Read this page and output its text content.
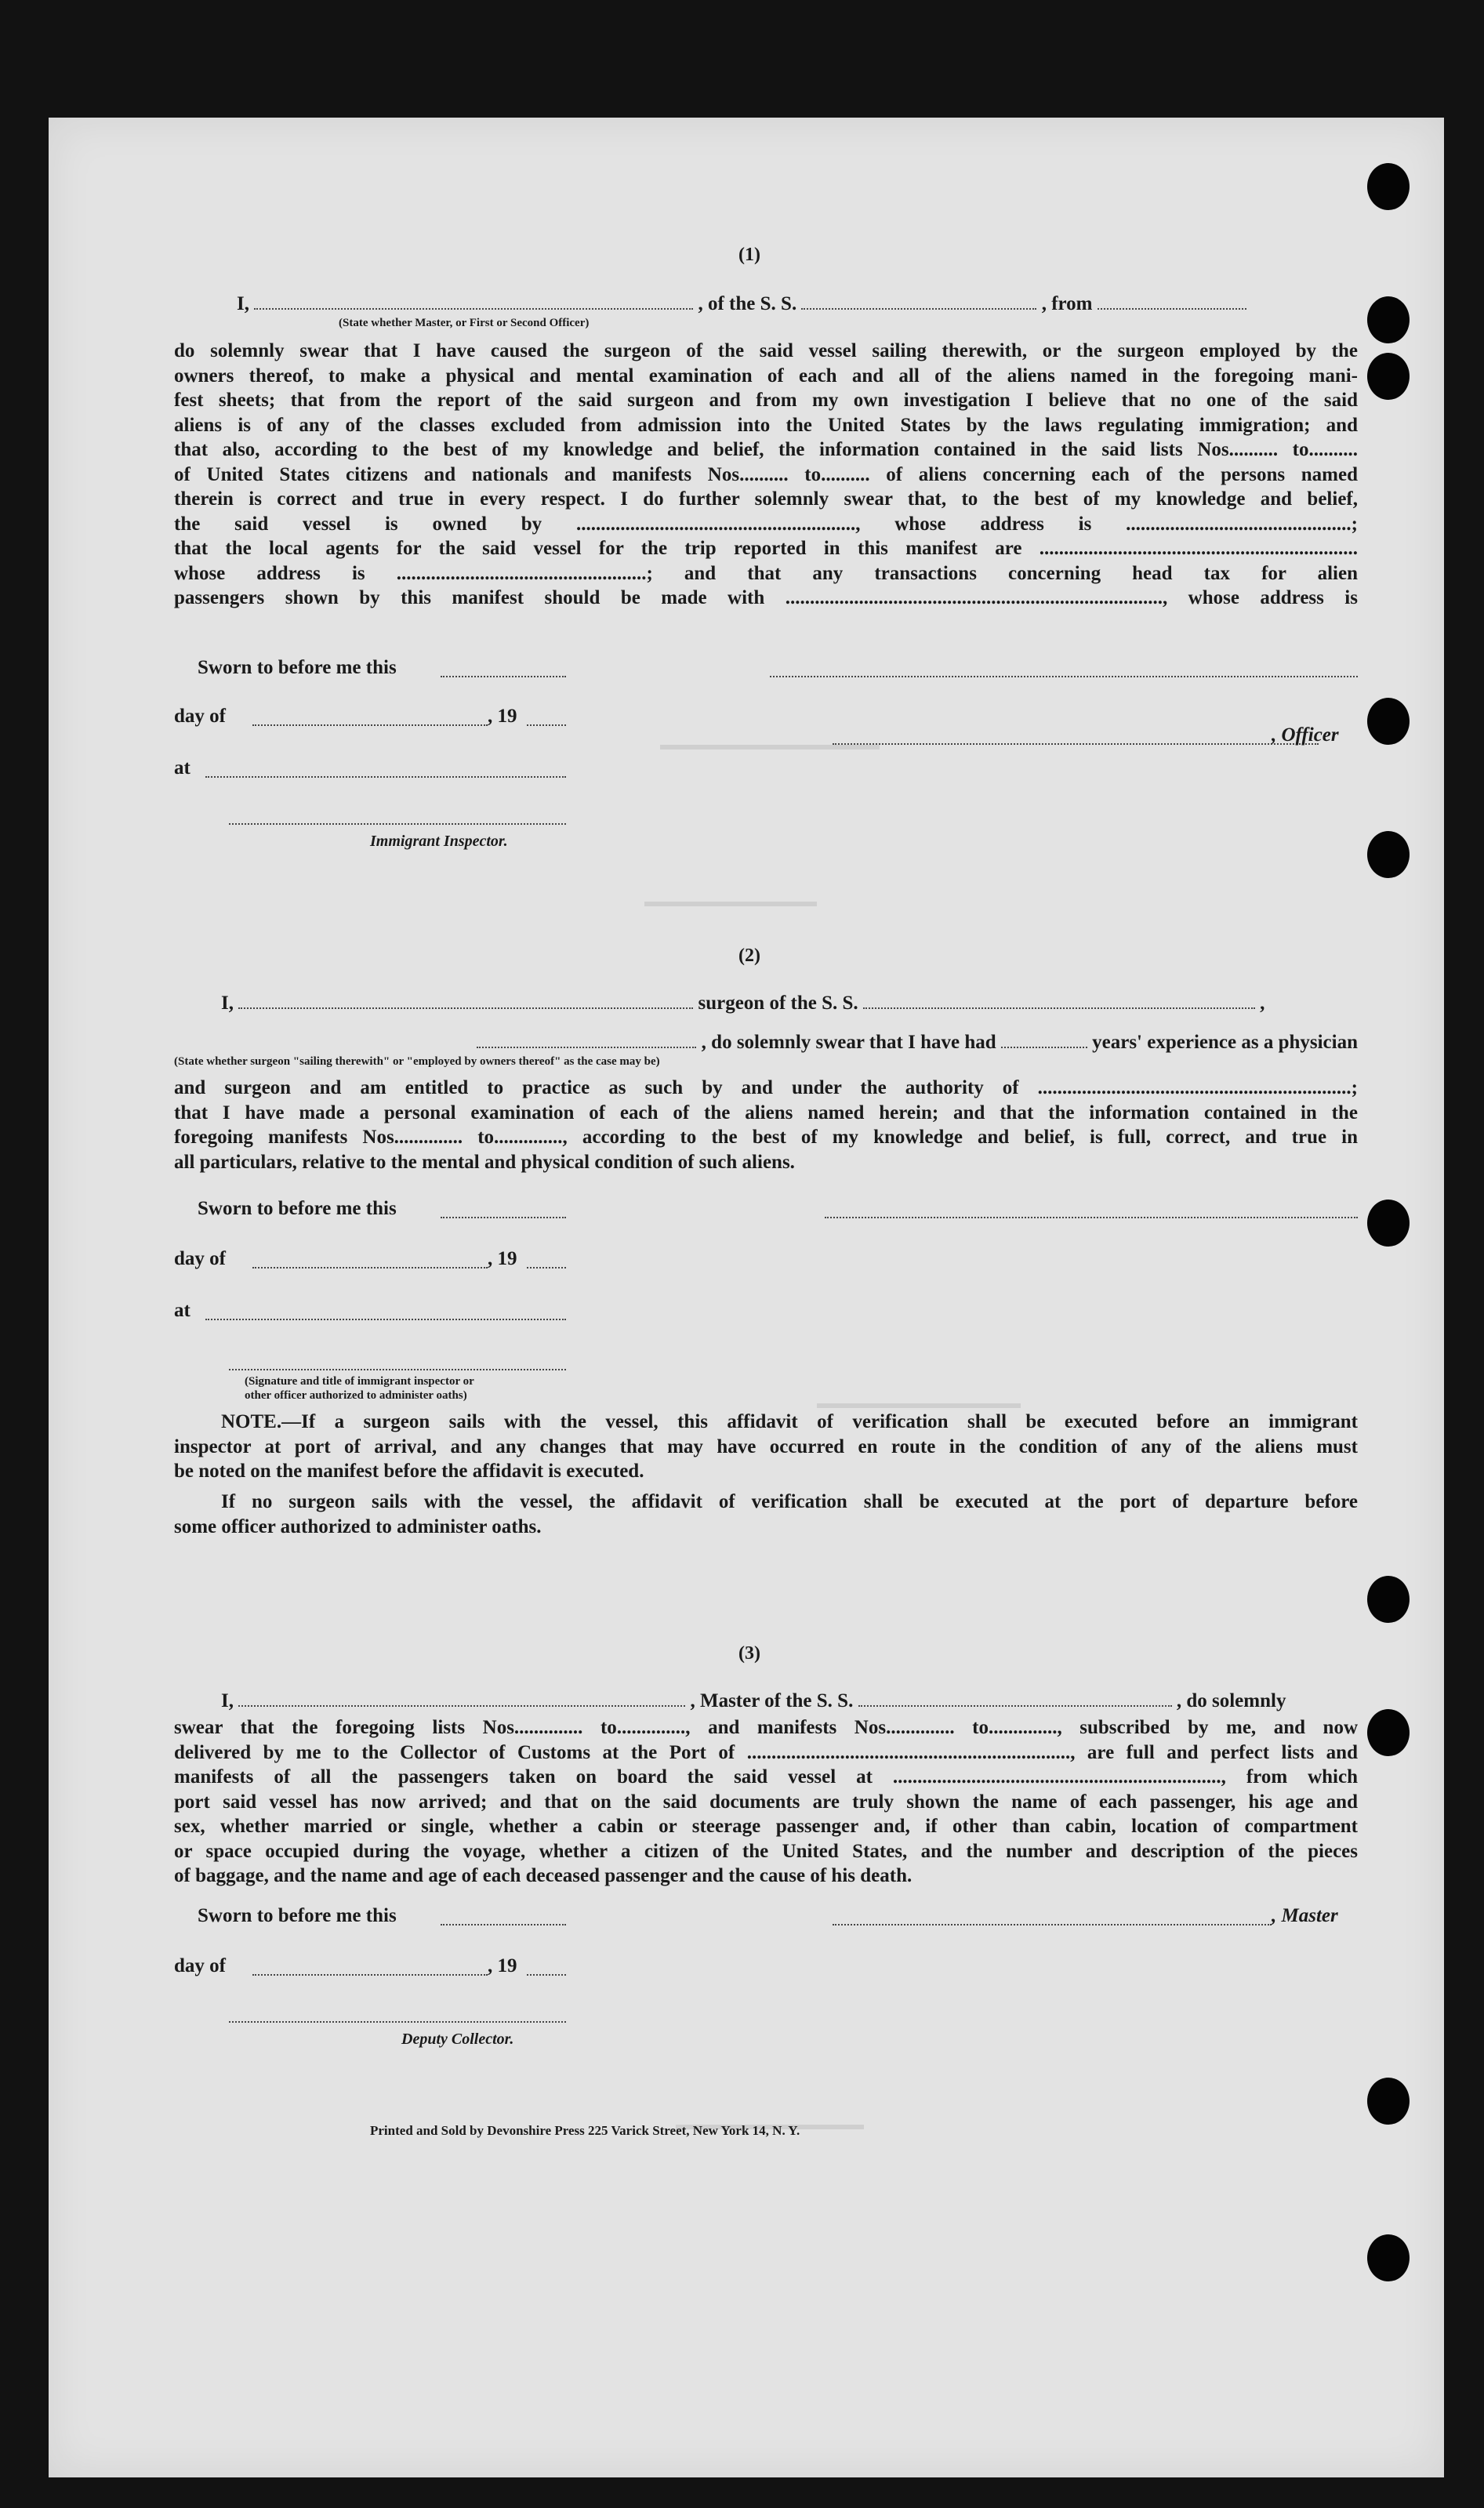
(1)
I,	, of the S. S.	, from
(State whether Master, or First or Second Officer)
do solemnly swear that I have caused the surgeon of the said vessel sailing therewith, or the surgeon employed by the
owners thereof, to make a physical and mental examination of each and all of the aliens named in the foregoing mani-
fest sheets; that from the report of the said surgeon and from my own investigation I believe that no one of the said
aliens is of any of the classes excluded from admission into the United States by the laws regulating immigration; and
that also, according to the best of my knowledge and belief, the information contained in the said lists Nos.......... to..........
of United States citizens and nationals and manifests Nos.......... to.......... of aliens concerning each of the persons named
therein is correct and true in every respect. I do further solemnly swear that, to the best of my knowledge and belief,
the said vessel is owned by ........................................................., whose address is ..............................................;
that the local agents for the said vessel for the trip reported in this manifest are .................................................................
whose address is ...................................................; and that any transactions concerning head tax for alien
passengers shown by this manifest should be made with ............................................................................., whose address is
Sworn to before me this
day of	, 19
, Officer
at
Immigrant Inspector.
(2)
I,	surgeon of the S. S.	,
, do solemnly swear that I have had	years' experience as a physician
(State whether surgeon "sailing therewith" or "employed by owners thereof" as the case may be)
and surgeon and am entitled to practice as such by and under the authority of ................................................................;
that I have made a personal examination of each of the aliens named herein; and that the information contained in the
foregoing manifests Nos.............. to.............., according to the best of my knowledge and belief, is full, correct, and true in
all particulars, relative to the mental and physical condition of such aliens.
Sworn to before me this
day of	, 19
at
(Signature and title of immigrant inspector or
other officer authorized to administer oaths)
NOTE.—If a surgeon sails with the vessel, this affidavit of verification shall be executed before an immigrant
inspector at port of arrival, and any changes that may have occurred en route in the condition of any of the aliens must
be noted on the manifest before the affidavit is executed.
If no surgeon sails with the vessel, the affidavit of verification shall be executed at the port of departure before
some officer authorized to administer oaths.
(3)
I,	, Master of the S. S.	, do solemnly
swear that the foregoing lists Nos.............. to.............., and manifests Nos.............. to.............., subscribed by me, and now
delivered by me to the Collector of Customs at the Port of .................................................................., are full and perfect lists and
manifests of all the passengers taken on board the said vessel at ..................................................................., from which
port said vessel has now arrived; and that on the said documents are truly shown the name of each passenger, his age and
sex, whether married or single, whether a cabin or steerage passenger and, if other than cabin, location of compartment
or space occupied during the voyage, whether a citizen of the United States, and the number and description of the pieces
of baggage, and the name and age of each deceased passenger and the cause of his death.
Sworn to before me this	, Master
day of	, 19
Deputy Collector.
Printed and Sold by Devonshire Press 225 Varick Street, New York 14, N. Y.
